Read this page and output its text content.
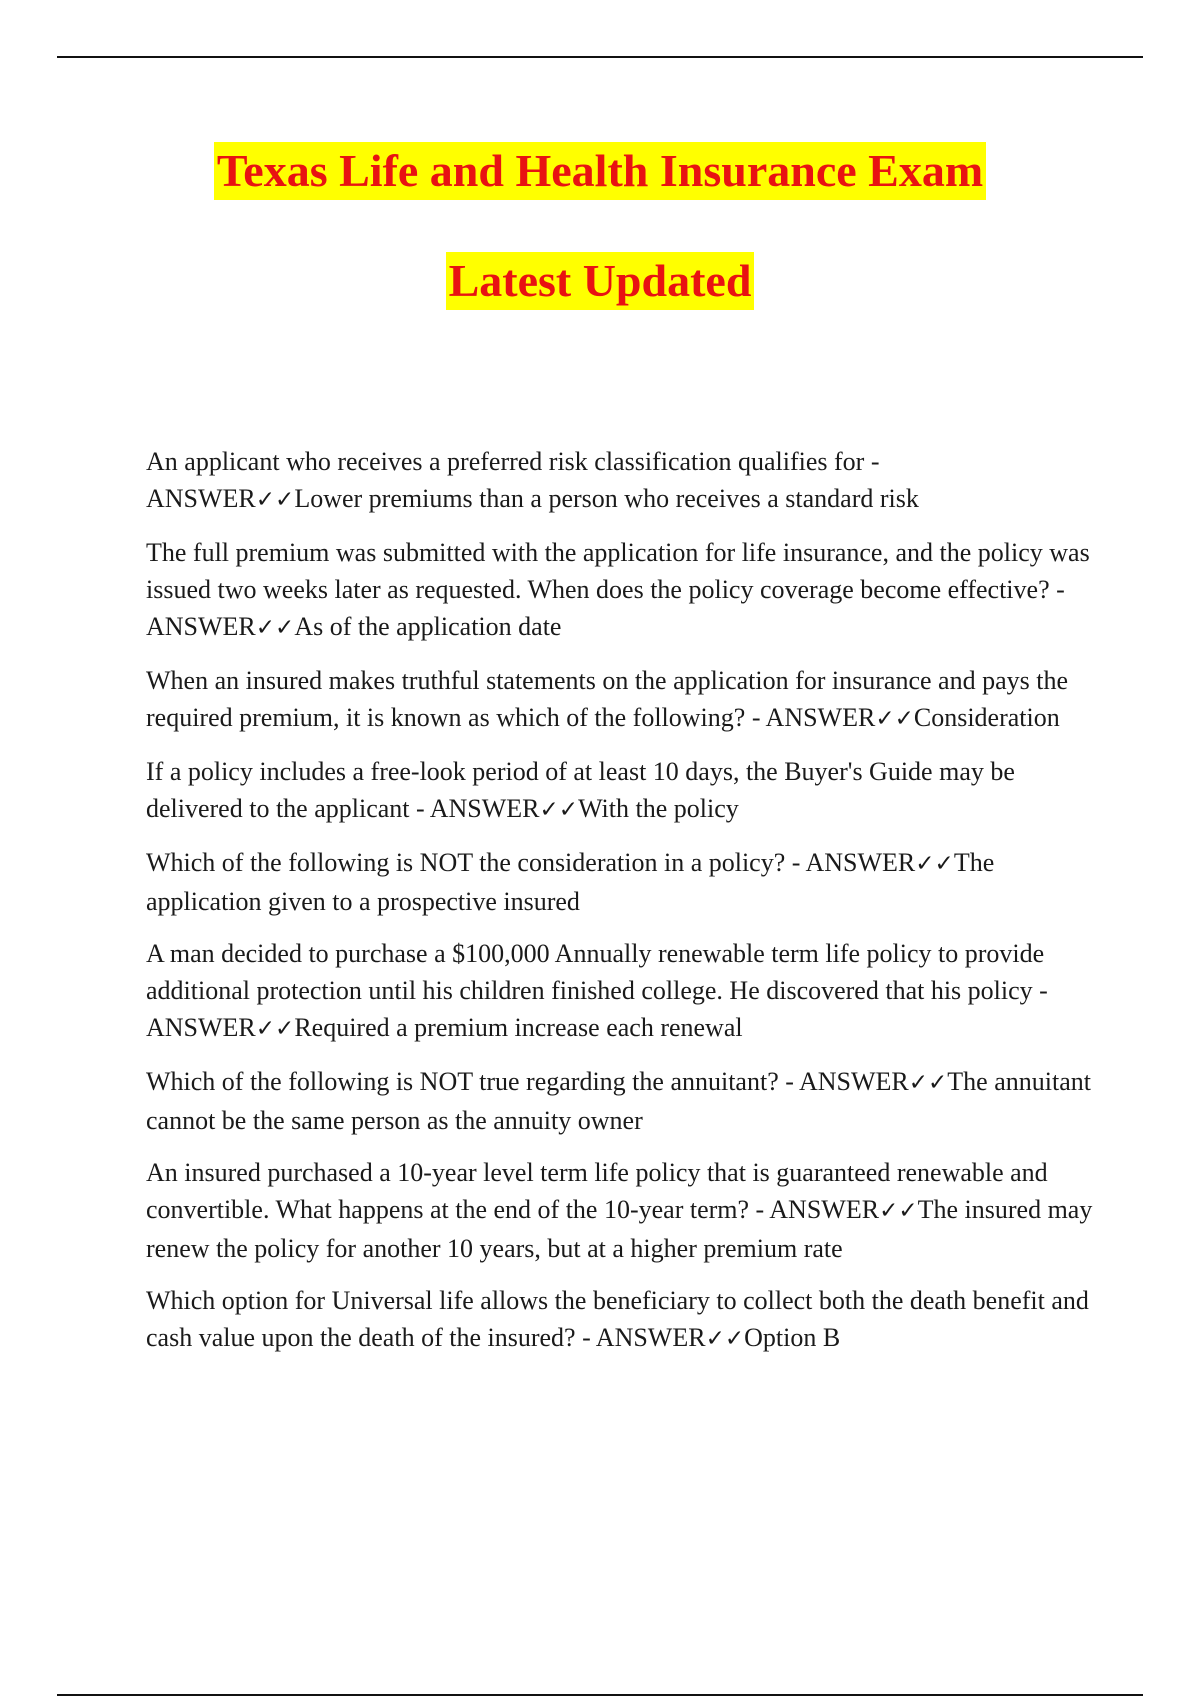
Texas Life and Health Insurance Exam
Latest Updated

An applicant who receives a preferred risk classification qualifies for - ANSWER✓✓Lower premiums than a person who receives a standard risk

The full premium was submitted with the application for life insurance, and the policy was issued two weeks later as requested. When does the policy coverage become effective? - ANSWER✓✓As of the application date

When an insured makes truthful statements on the application for insurance and pays the required premium, it is known as which of the following? - ANSWER✓✓Consideration

If a policy includes a free-look period of at least 10 days, the Buyer's Guide may be delivered to the applicant - ANSWER✓✓With the policy

Which of the following is NOT the consideration in a policy? - ANSWER✓✓The application given to a prospective insured

A man decided to purchase a $100,000 Annually renewable term life policy to provide additional protection until his children finished college. He discovered that his policy - ANSWER✓✓Required a premium increase each renewal

Which of the following is NOT true regarding the annuitant? - ANSWER✓✓The annuitant cannot be the same person as the annuity owner

An insured purchased a 10-year level term life policy that is guaranteed renewable and convertible. What happens at the end of the 10-year term? - ANSWER✓✓The insured may renew the policy for another 10 years, but at a higher premium rate

Which option for Universal life allows the beneficiary to collect both the death benefit and cash value upon the death of the insured? - ANSWER✓✓Option B
